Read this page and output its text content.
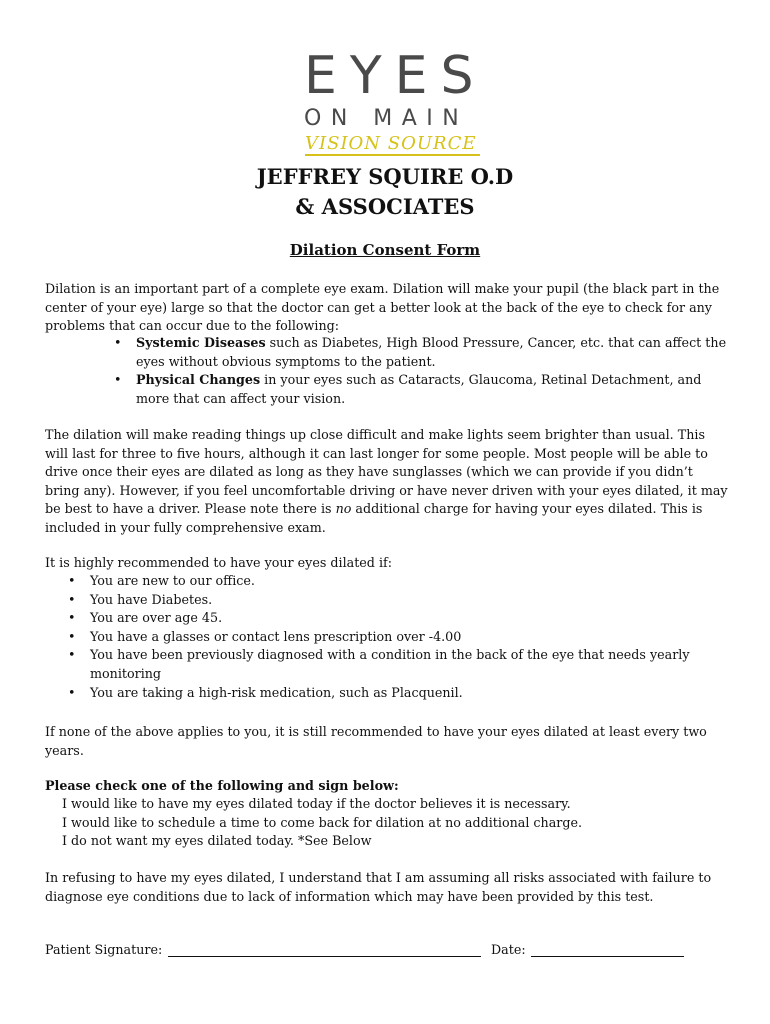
EYES
ON MAIN
VISION SOURCE
JEFFREY SQUIRE O.D
& ASSOCIATES
Dilation Consent Form

Dilation is an important part of a complete eye exam. Dilation will make your pupil (the black part in the center of your eye) large so that the doctor can get a better look at the back of the eye to check for any problems that can occur due to the following:

• Systemic Diseases such as Diabetes, High Blood Pressure, Cancer, etc. that can affect the eyes without obvious symptoms to the patient.
• Physical Changes in your eyes such as Cataracts, Glaucoma, Retinal Detachment, and more that can affect your vision.

The dilation will make reading things up close difficult and make lights seem brighter than usual. This will last for three to five hours, although it can last longer for some people. Most people will be able to drive once their eyes are dilated as long as they have sunglasses (which we can provide if you didn’t bring any). However, if you feel uncomfortable driving or have never driven with your eyes dilated, it may be best to have a driver. Please note there is no additional charge for having your eyes dilated. This is included in your fully comprehensive exam.

It is highly recommended to have your eyes dilated if:

• You are new to our office.
• You have Diabetes.
• You are over age 45.
• You have a glasses or contact lens prescription over -4.00
• You have been previously diagnosed with a condition in the back of the eye that needs yearly monitoring
• You are taking a high-risk medication, such as Placquenil.

If none of the above applies to you, it is still recommended to have your eyes dilated at least every two years.

Please check one of the following and sign below:

I would like to have my eyes dilated today if the doctor believes it is necessary.
I would like to schedule a time to come back for dilation at no additional charge.
I do not want my eyes dilated today. *See Below

In refusing to have my eyes dilated, I understand that I am assuming all risks associated with failure to diagnose eye conditions due to lack of information which may have been provided by this test.

Patient Signature:	Date:
